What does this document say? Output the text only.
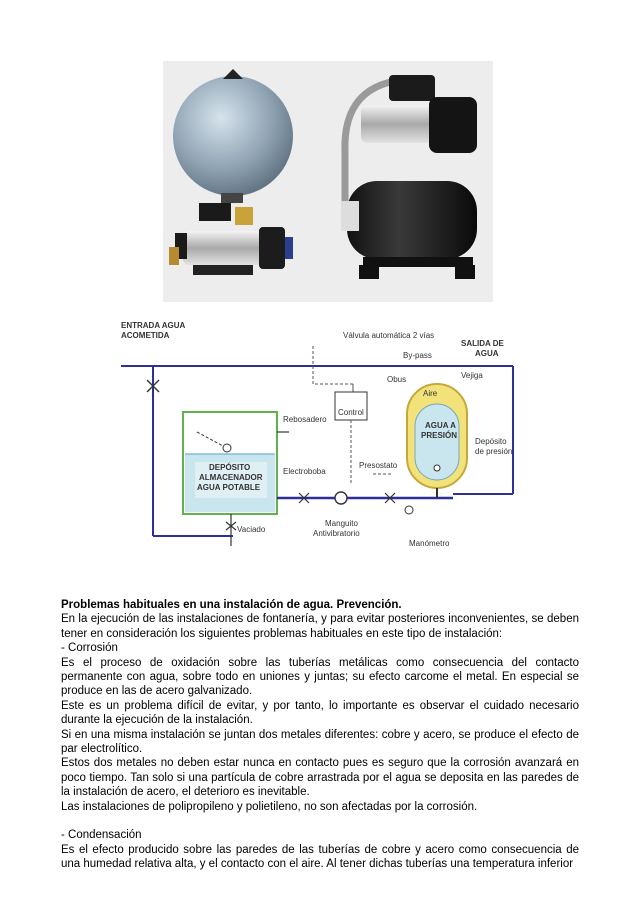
ENTRADA AGUA
ACOMETIDA	Válvula automática 2 vías
SALIDA DE
AGUA
By-pass
Obus	Vejiga
Aire
AGUA A
PRESIÓN
Depósito
de presión
Control
Rebosadero
DEPÓSITO
ALMACENADOR
AGUA POTABLE
Electroboba
Presostato
Vaciado
Manguito
Antivibratorio
Manómetro

Problemas habituales en una instalación de agua. Prevención.

En la ejecución de las instalaciones de fontanería, y para evitar posteriores inconvenientes, se deben tener en consideración los siguientes problemas habituales en este tipo de instalación:

- Corrosión

Es el proceso de oxidación sobre las tuberías metálicas como consecuencia del contacto permanente con agua, sobre todo en uniones y juntas; su efecto carcome el metal. En especial se produce en las de acero galvanizado.

Este es un problema difícil de evitar, y por tanto, lo importante es observar el cuidado necesario durante la ejecución de la instalación.

Si en una misma instalación se juntan dos metales diferentes: cobre y acero, se produce el efecto de par electrolítico.

Estos dos metales no deben estar nunca en contacto pues es seguro que la corrosión avanzará en poco tiempo. Tan solo si una partícula de cobre arrastrada por el agua se deposita en las paredes de la instalación de acero, el deterioro es inevitable.

Las instalaciones de polipropileno y polietileno, no son afectadas por la corrosión.

- Condensación

Es el efecto producido sobre las paredes de las tuberías de cobre y acero como consecuencia de una humedad relativa alta, y el contacto con el aire. Al tener dichas tuberías una temperatura inferior
